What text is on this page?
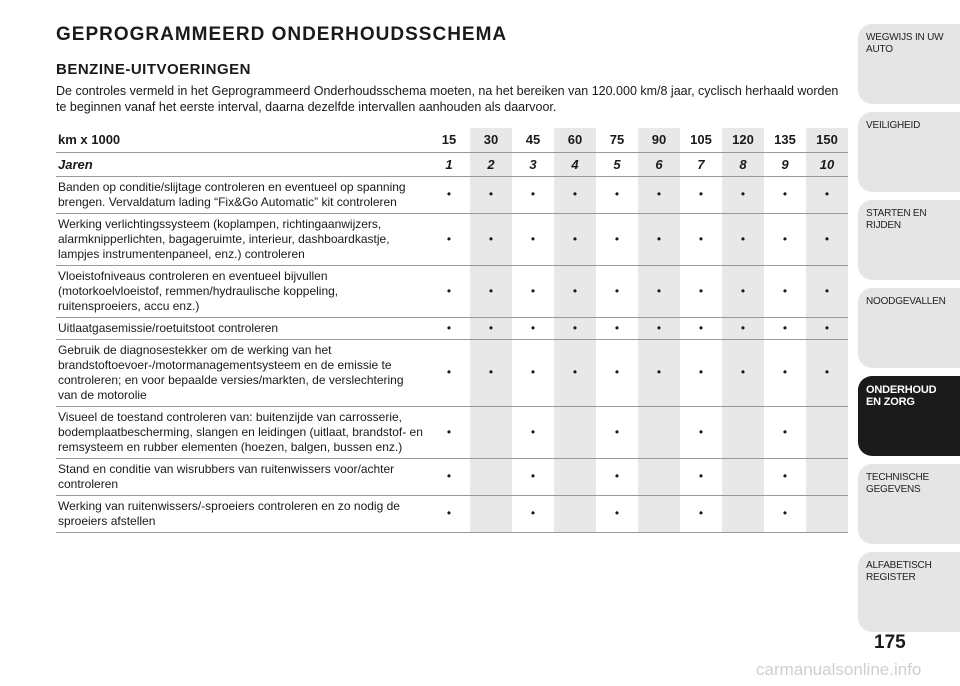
GEPROGRAMMEERD ONDERHOUDSSCHEMA
BENZINE-UITVOERINGEN
De controles vermeld in het Geprogrammeerd Onderhoudsschema moeten, na het bereiken van 120.000 km/8 jaar, cyclisch herhaald worden te beginnen vanaf het eerste interval, daarna dezelfde intervallen aanhouden als daarvoor.
km x 1000	15	30	45	60	75	90	105	120	135	150
Jaren	1	2	3	4	5	6	7	8	9	10
Banden op conditie/slijtage controleren en eventueel op spanning brengen. Vervaldatum lading “Fix&Go Automatic” kit controleren	•	•	•	•	•	•	•	•	•	•
Werking verlichtingssysteem (koplampen, richtingaanwijzers, alarmknipperlichten, bagageruimte, interieur, dashboardkastje, lampjes instrumentenpaneel, enz.) controleren	•	•	•	•	•	•	•	•	•	•
Vloeistofniveaus controleren en eventueel bijvullen (motorkoelvloeistof, remmen/hydraulische koppeling, ruitensproeiers, accu enz.)	•	•	•	•	•	•	•	•	•	•
Uitlaatgasemissie/roetuitstoot controleren	•	•	•	•	•	•	•	•	•	•
Gebruik de diagnosestekker om de werking van het brandstoftoevoer-/motormanagementsysteem en de emissie te controleren; en voor bepaalde versies/markten, de verslechtering van de motorolie	•	•	•	•	•	•	•	•	•	•
Visueel de toestand controleren van: buitenzijde van carrosserie, bodemplaatbescherming, slangen en leidingen (uitlaat, brandstof- en remsysteem en rubber elementen (hoezen, balgen, bussen enz.)	•		•		•		•		•	
Stand en conditie van wisrubbers van ruitenwissers voor/achter controleren	•		•		•		•		•	
Werking van ruitenwissers/-sproeiers controleren en zo nodig de sproeiers afstellen	•		•		•		•		•	
WEGWIJS IN UW AUTO
VEILIGHEID
STARTEN EN RIJDEN
NOODGEVALLEN
ONDERHOUD EN ZORG
TECHNISCHE GEGEVENS
ALFABETISCH REGISTER
175
carmanualsonline.info
